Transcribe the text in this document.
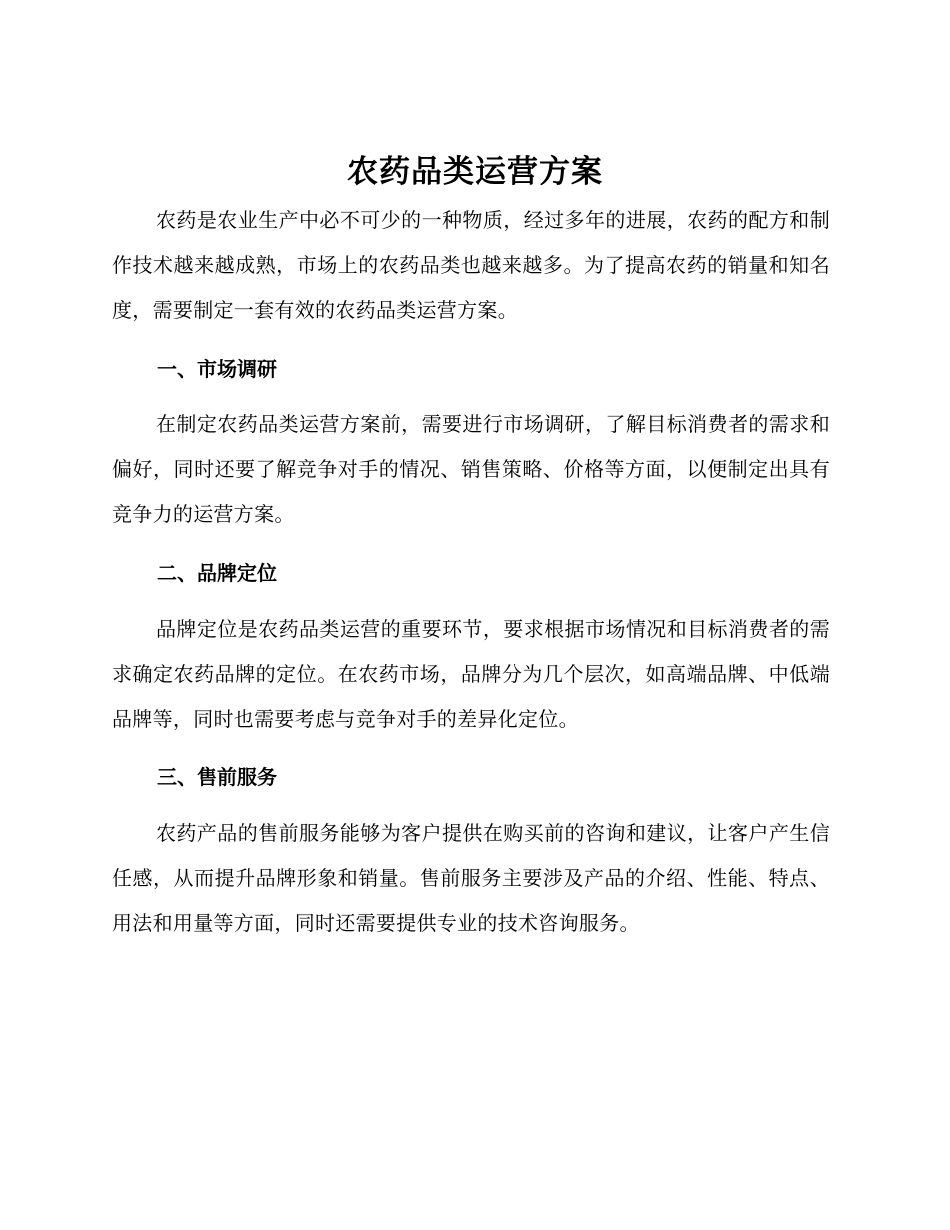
农药品类运营方案

农药是农业生产中必不可少的一种物质，经过多年的进展，农药的配方和制作技术越来越成熟，市场上的农药品类也越来越多。为了提高农药的销量和知名度，需要制定一套有效的农药品类运营方案。

一、市场调研

在制定农药品类运营方案前，需要进行市场调研，了解目标消费者的需求和偏好，同时还要了解竞争对手的情况、销售策略、价格等方面，以便制定出具有竞争力的运营方案。

二、品牌定位

品牌定位是农药品类运营的重要环节，要求根据市场情况和目标消费者的需求确定农药品牌的定位。在农药市场，品牌分为几个层次，如高端品牌、中低端品牌等，同时也需要考虑与竞争对手的差异化定位。

三、售前服务

农药产品的售前服务能够为客户提供在购买前的咨询和建议，让客户产生信任感，从而提升品牌形象和销量。售前服务主要涉及产品的介绍、性能、特点、用法和用量等方面，同时还需要提供专业的技术咨询服务。
